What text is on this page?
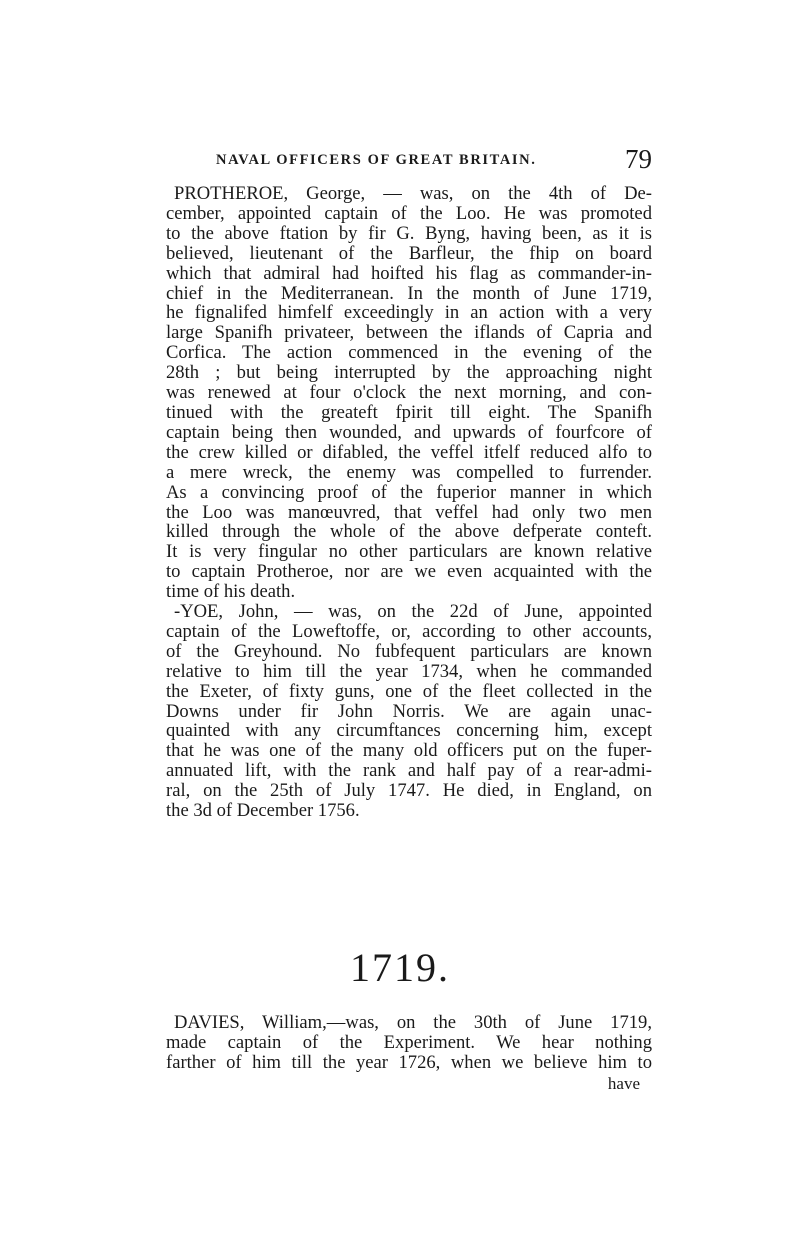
NAVAL OFFICERS OF GREAT BRITAIN.	79

PROTHEROE, George, — was, on the 4th of De-
cember, appointed captain of the Loo. He was promoted
to the above ftation by fir G. Byng, having been, as it is
believed, lieutenant of the Barfleur, the fhip on board
which that admiral had hoifted his flag as commander-in-
chief in the Mediterranean. In the month of June 1719,
he fignalifed himfelf exceedingly in an action with a very
large Spanifh privateer, between the iflands of Capria and
Corfica. The action commenced in the evening of the
28th ; but being interrupted by the approaching night
was renewed at four o'clock the next morning, and con-
tinued with the greateft fpirit till eight. The Spanifh
captain being then wounded, and upwards of fourfcore of
the crew killed or difabled, the veffel itfelf reduced alfo to
a mere wreck, the enemy was compelled to furrender.
As a convincing proof of the fuperior manner in which
the Loo was manœuvred, that veffel had only two men
killed through the whole of the above defperate conteft.
It is very fingular no other particulars are known relative
to captain Protheroe, nor are we even acquainted with the
time of his death.

-YOE, John, — was, on the 22d of June, appointed
captain of the Loweftoffe, or, according to other accounts,
of the Greyhound. No fubfequent particulars are known
relative to him till the year 1734, when he commanded
the Exeter, of fixty guns, one of the fleet collected in the
Downs under fir John Norris. We are again unac-
quainted with any circumftances concerning him, except
that he was one of the many old officers put on the fuper-
annuated lift, with the rank and half pay of a rear-admi-
ral, on the 25th of July 1747. He died, in England, on
the 3d of December 1756.

1719.

DAVIES, William,—was, on the 30th of June 1719,
made captain of the Experiment. We hear nothing
farther of him till the year 1726, when we believe him to

have
